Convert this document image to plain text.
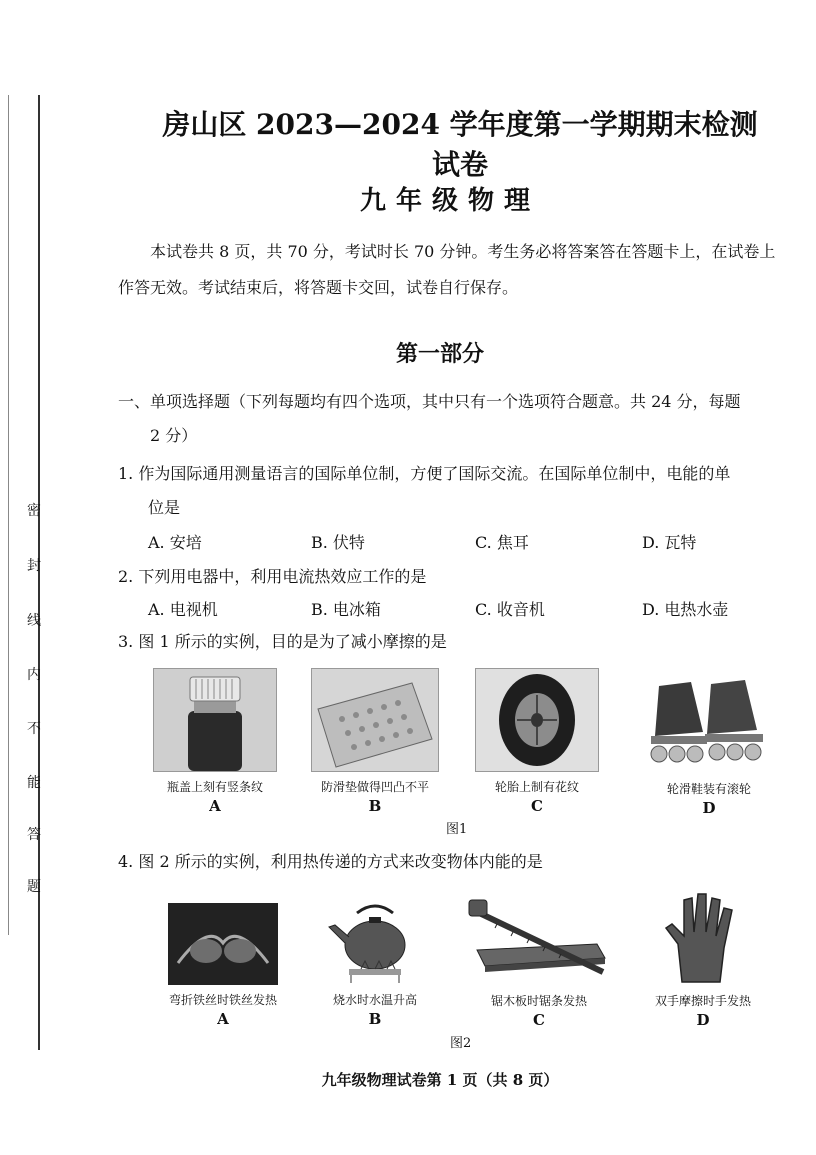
密
封
线
内
不
能
答
题
房山区 2023—2024 学年度第一学期期末检测试卷
九年级物理
本试卷共 8 页，共 70 分，考试时长 70 分钟。考生务必将答案答在答题卡上，在试卷上作答无效。考试结束后，将答题卡交回，试卷自行保存。
第一部分
一、单项选择题（下列每题均有四个选项，其中只有一个选项符合题意。共 24 分，每题
2 分）
1. 作为国际通用测量语言的国际单位制，方便了国际交流。在国际单位制中，电能的单
位是
A. 安培	B. 伏特	C. 焦耳	D. 瓦特
2. 下列用电器中，利用电流热效应工作的是
A. 电视机	B. 电冰箱	C. 收音机	D. 电热水壶
3. 图 1 所示的实例，目的是为了减小摩擦的是
瓶盖上刻有竖条纹
A
防滑垫做得凹凸不平
B
轮胎上制有花纹
C
轮滑鞋装有滚轮
D
图1
4. 图 2 所示的实例，利用热传递的方式来改变物体内能的是
弯折铁丝时铁丝发热
A
烧水时水温升高
B
锯木板时锯条发热
C
双手摩擦时手发热
D
图2
九年级物理试卷第 1 页（共 8 页）
